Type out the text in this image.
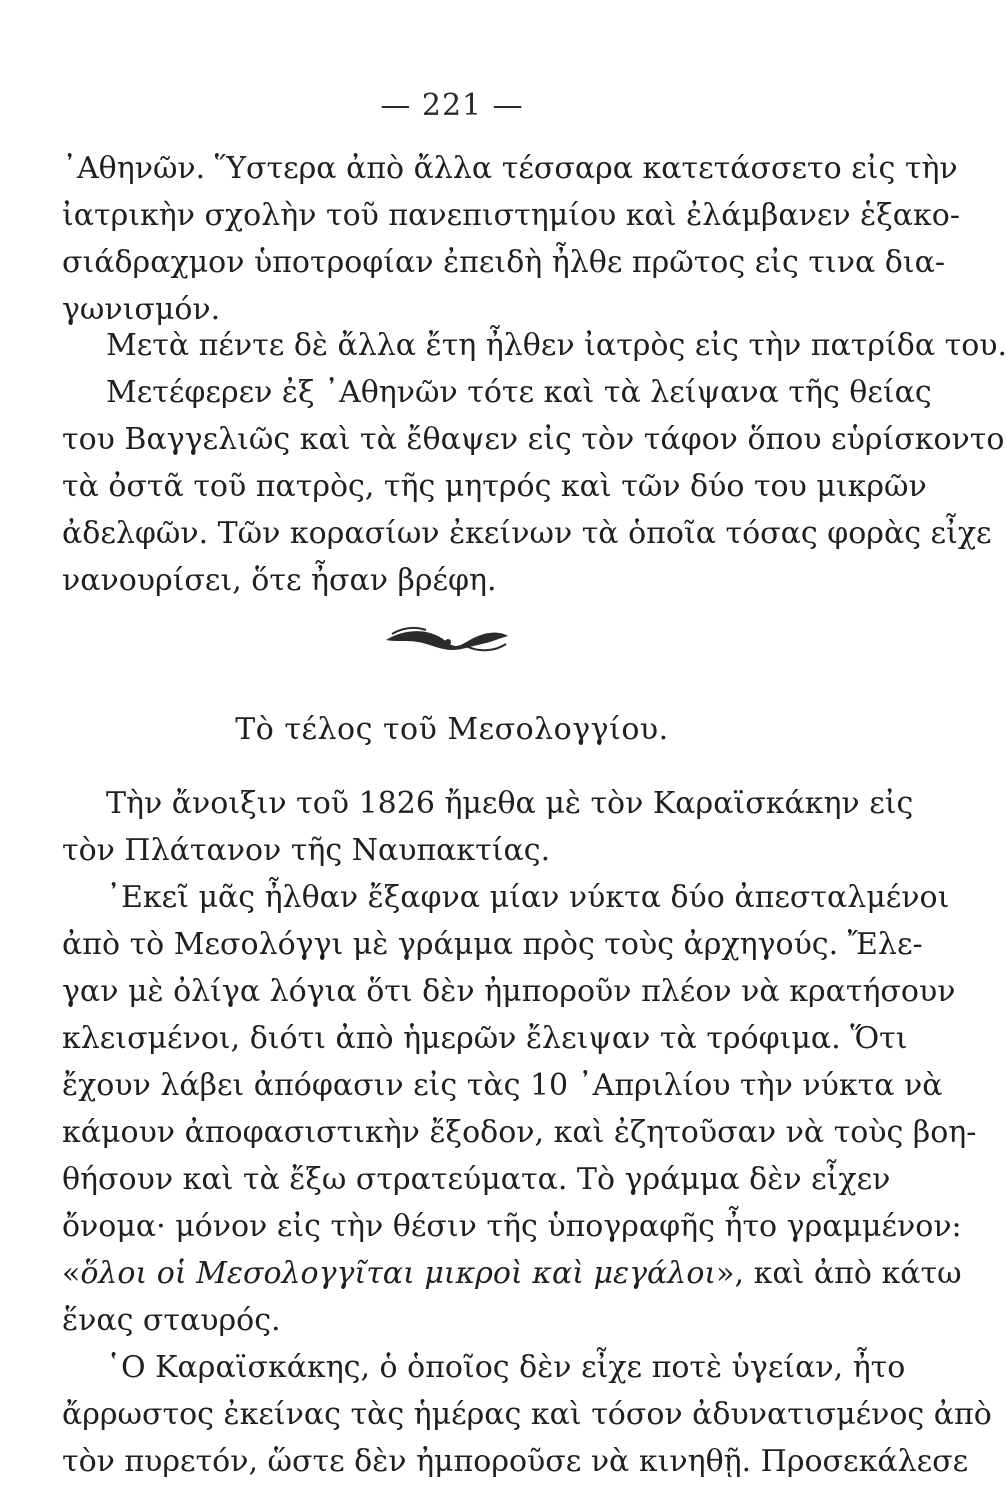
— 221 —
᾿Αθηνῶν. Ὕστερα ἀπὸ ἄλλα τέσσαρα κατετάσσετο εἰς τὴν
ἰατρικὴν σχολὴν τοῦ πανεπιστημίου καὶ ἐλάμβανεν ἑξακο-
σιάδραχμον ὑποτροφίαν ἐπειδὴ ἦλθε πρῶτος εἰς τινα δια-
γωνισμόν.
Μετὰ πέντε δὲ ἄλλα ἔτη ἦλθεν ἰατρὸς εἰς τὴν πατρίδα του.
Μετέφερεν ἐξ ᾿Αθηνῶν τότε καὶ τὰ λείψανα τῆς θείας
του Βαγγελιῶς καὶ τὰ ἔθαψεν εἰς τὸν τάφον ὅπου εὑρίσκοντο
τὰ ὀστᾶ τοῦ πατρὸς, τῆς μητρός καὶ τῶν δύο του μικρῶν
ἀδελφῶν. Τῶν κορασίων ἐκείνων τὰ ὁποῖα τόσας φορὰς εἶχε
νανουρίσει, ὅτε ἦσαν βρέφη.
Τὸ τέλος τοῦ Μεσολογγίου.
Τὴν ἄνοιξιν τοῦ 1826 ἤμεθα μὲ τὸν Καραϊσκάκην εἰς
τὸν Πλάτανον τῆς Ναυπακτίας.
᾿Εκεῖ μᾶς ἦλθαν ἔξαφνα μίαν νύκτα δύο ἀπεσταλμένοι
ἀπὸ τὸ Μεσολόγγι μὲ γράμμα πρὸς τοὺς ἀρχηγούς. Ἔλε-
γαν μὲ ὀλίγα λόγια ὅτι δὲν ἠμποροῦν πλέον νὰ κρατήσουν
κλεισμένοι, διότι ἀπὸ ἡμερῶν ἔλειψαν τὰ τρόφιμα. Ὅτι
ἔχουν λάβει ἀπόφασιν εἰς τὰς 10 ᾿Απριλίου τὴν νύκτα νὰ
κάμουν ἀποφασιστικὴν ἔξοδον, καὶ ἐζητοῦσαν νὰ τοὺς βοη-
θήσουν καὶ τὰ ἔξω στρατεύματα. Τὸ γράμμα δὲν εἶχεν
ὄνομα· μόνον εἰς τὴν θέσιν τῆς ὑπογραφῆς ἦτο γραμμένον:
«ὅλοι οἱ Μεσολογγῖται μικροὶ καὶ μεγάλοι», καὶ ἀπὸ κάτω
ἕνας σταυρός.
῾Ο Καραϊσκάκης, ὁ ὁποῖος δὲν εἶχε ποτὲ ὑγείαν, ἦτο
ἄρρωστος ἐκείνας τὰς ἡμέρας καὶ τόσον ἀδυνατισμένος ἀπὸ
τὸν πυρετόν, ὥστε δὲν ἠμποροῦσε νὰ κινηθῇ. Προσεκάλεσε
